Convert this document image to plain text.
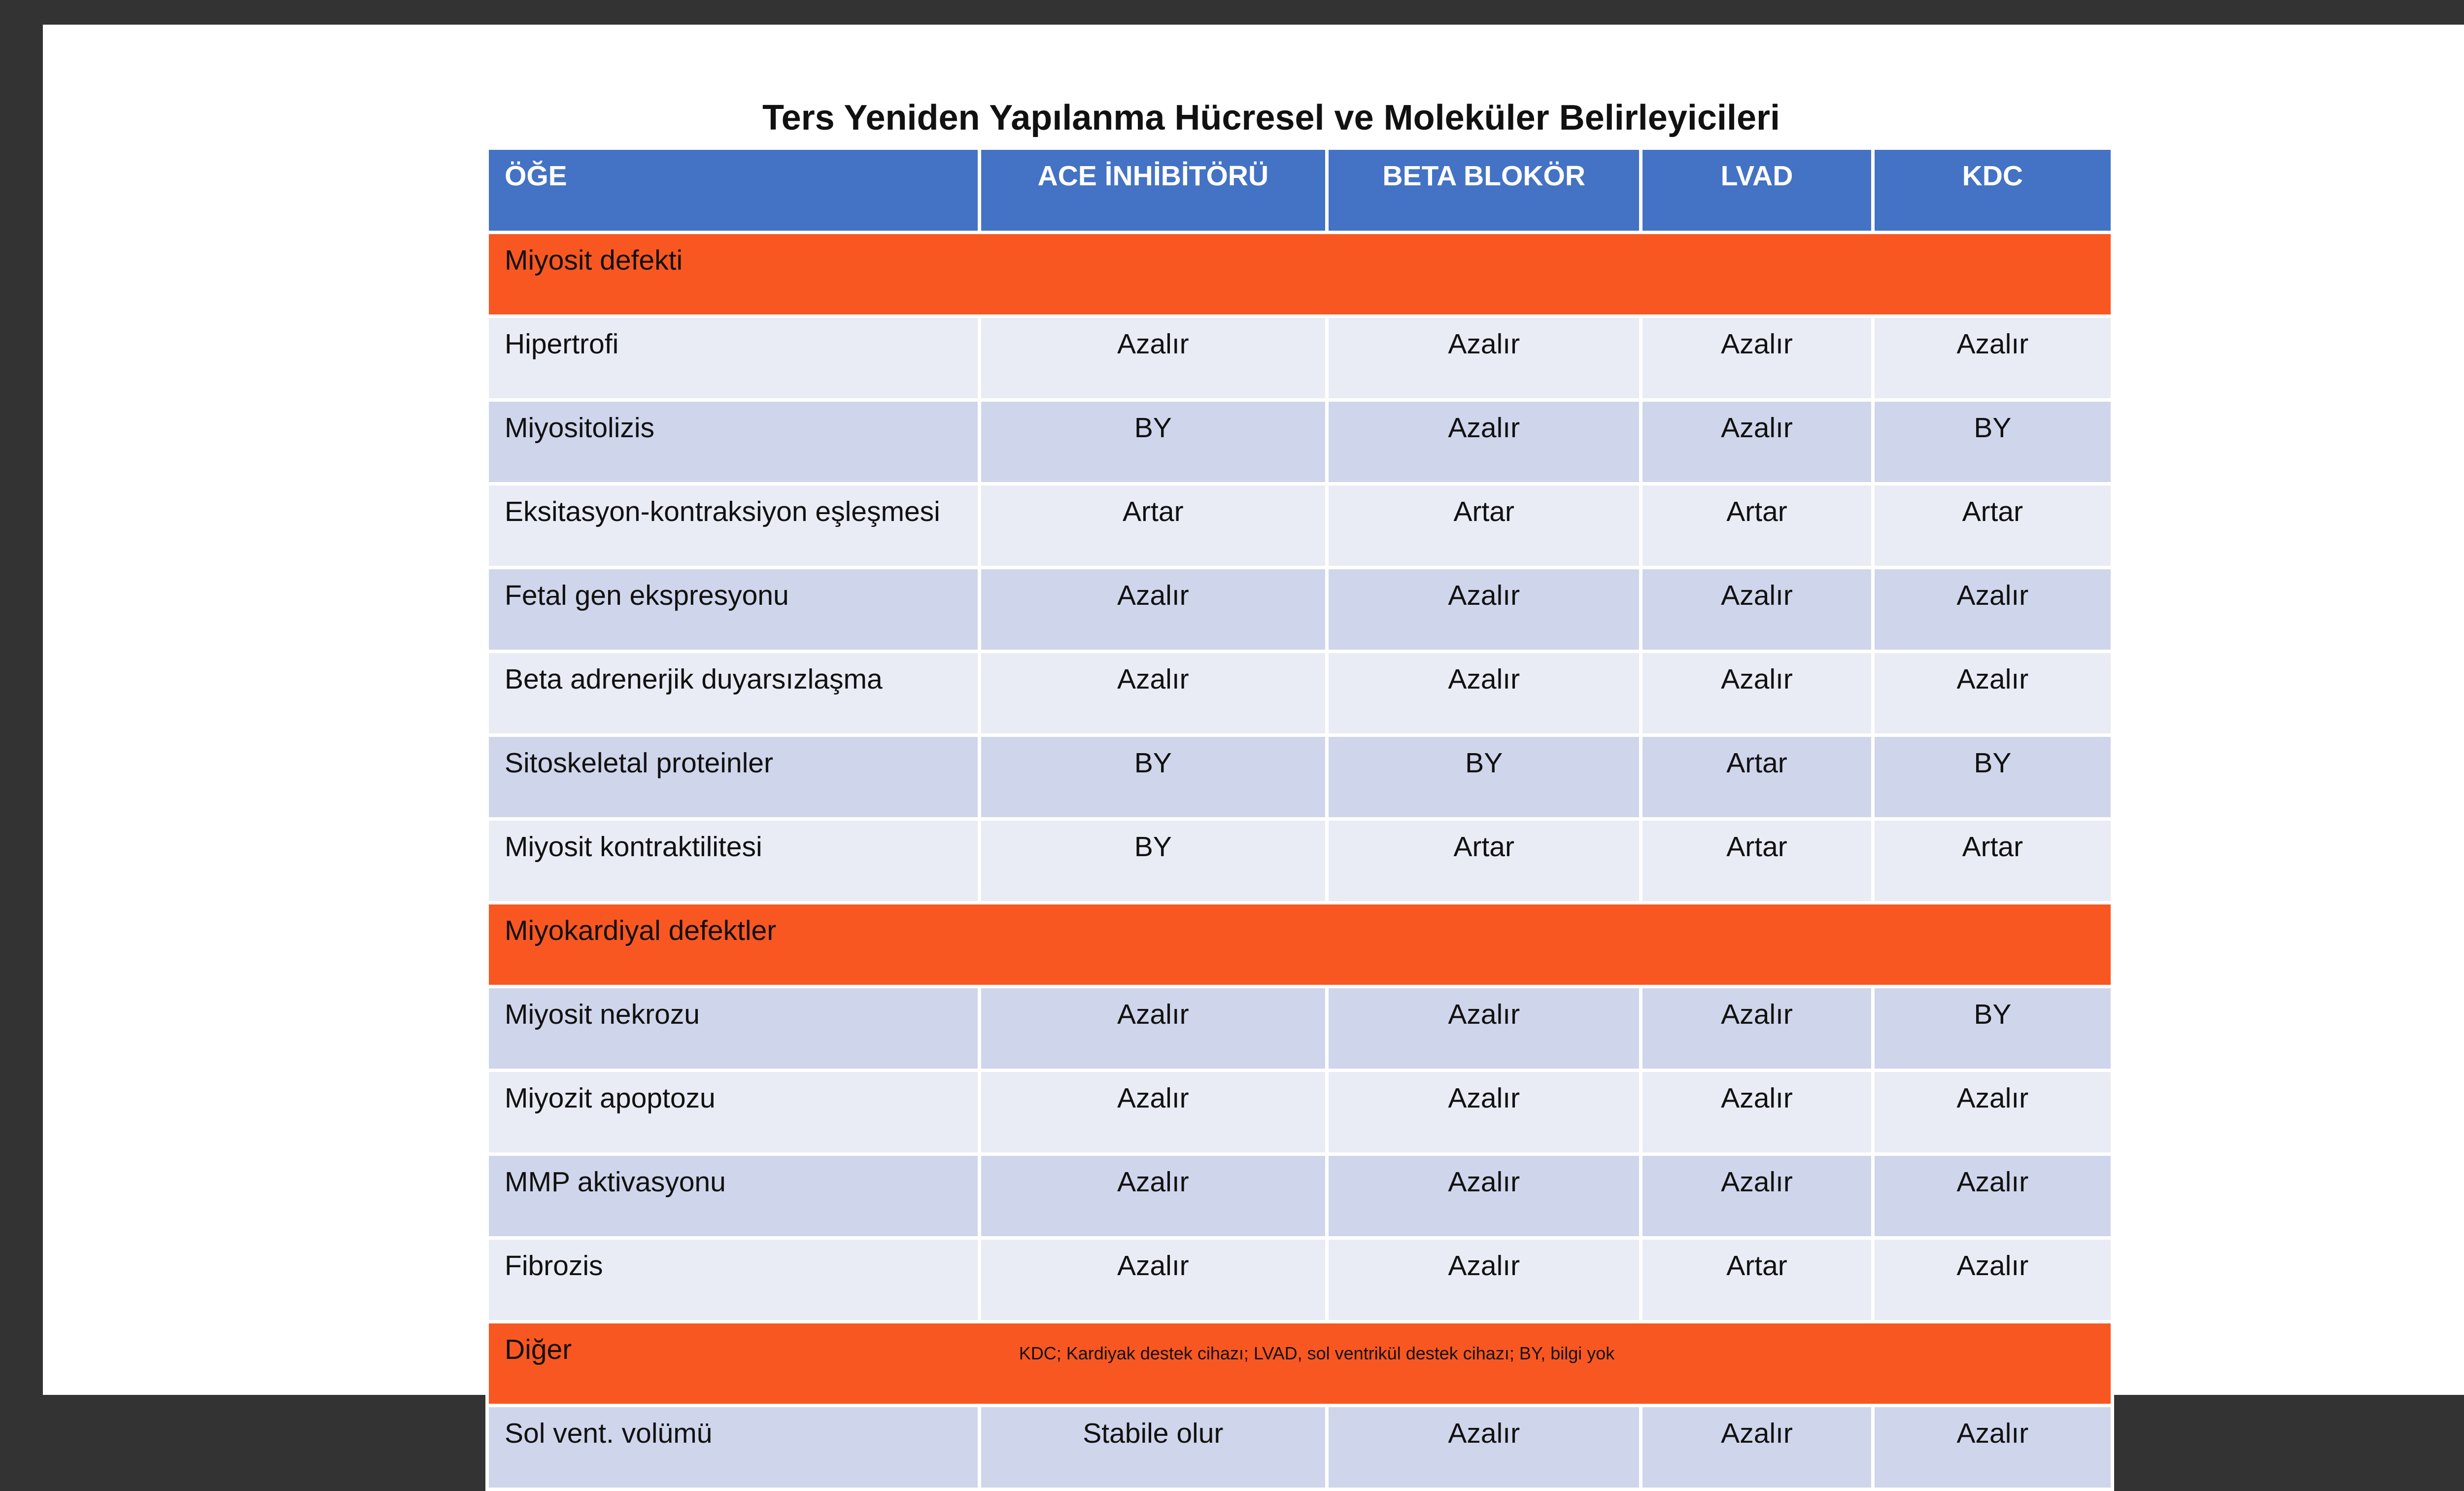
Ters Yeniden Yapılanma Hücresel ve Moleküler Belirleyicileri
ÖĞE	ACE İNHİBİTÖRÜ	BETA BLOKÖR	LVAD	KDC
Miyosit defekti				
Hipertrofi	Azalır	Azalır	Azalır	Azalır
Miyositolizis	BY	Azalır	Azalır	BY
Eksitasyon-kontraksiyon eşleşmesi	Artar	Artar	Artar	Artar
Fetal gen ekspresyonu	Azalır	Azalır	Azalır	Azalır
Beta adrenerjik duyarsızlaşma	Azalır	Azalır	Azalır	Azalır
Sitoskeletal proteinler	BY	BY	Artar	BY
Miyosit kontraktilitesi	BY	Artar	Artar	Artar
Miyokardiyal defektler				
Miyosit nekrozu	Azalır	Azalır	Azalır	BY
Miyozit apoptozu	Azalır	Azalır	Azalır	Azalır
MMP aktivasyonu	Azalır	Azalır	Azalır	Azalır
Fibrozis	Azalır	Azalır	Artar	Azalır
Diğer				
Sol vent. volümü	Stabile olur	Azalır	Azalır	Azalır
KDC; Kardiyak destek cihazı; LVAD, sol ventrikül destek cihazı; BY, bilgi yok
